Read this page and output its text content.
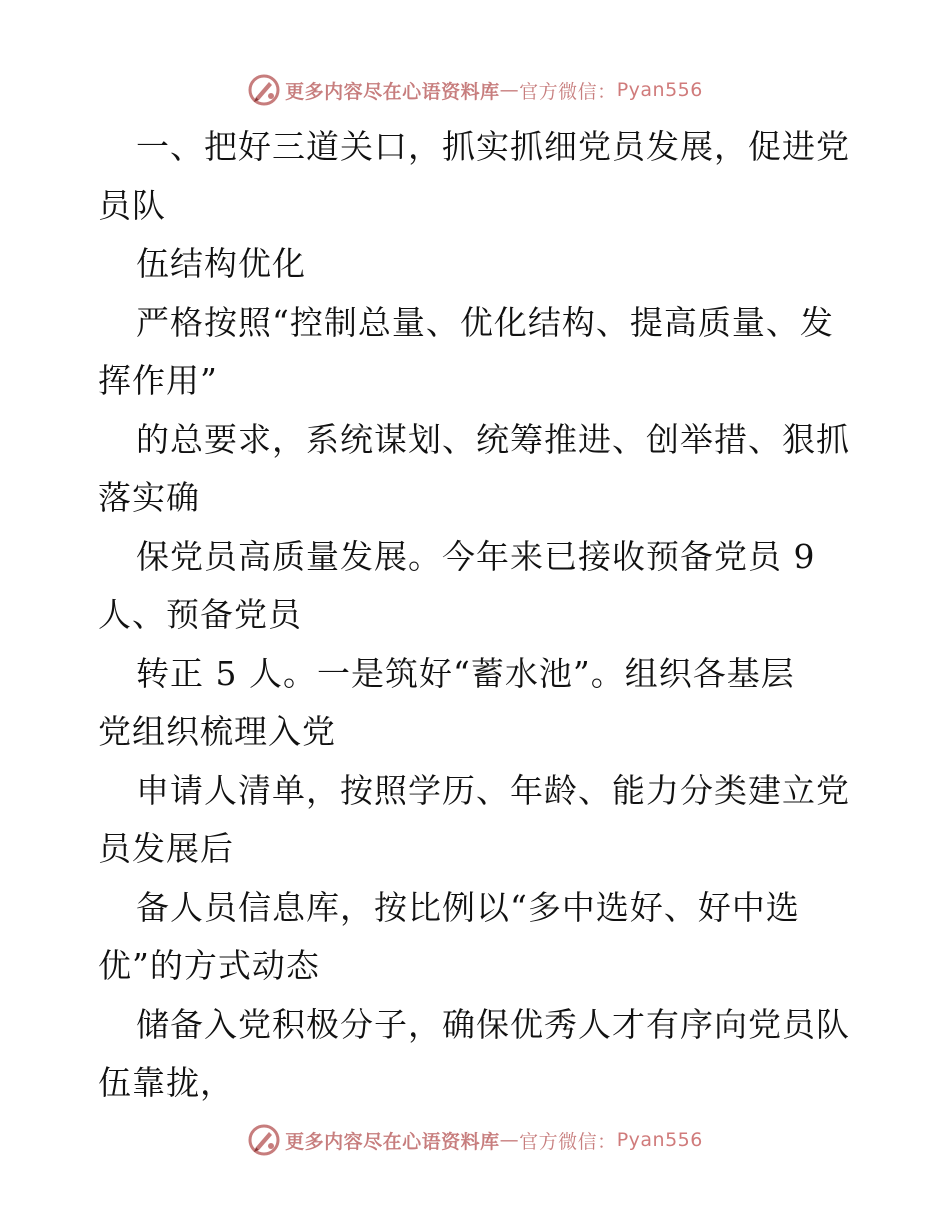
更多内容尽在心语资料库 — 官方微信： Pyan556
一、把好三道关口，抓实抓细党员发展，促进党
员队
伍结构优化
严格按照“控制总量、优化结构、提高质量、发
挥作用”
的总要求，系统谋划、统筹推进、创举措、狠抓
落实确
保党员高质量发展。今年来已接收预备党员 9
人、预备党员
转正 5 人。一是筑好“蓄水池”。组织各基层
党组织梳理入党
申请人清单，按照学历、年龄、能力分类建立党
员发展后
备人员信息库，按比例以“多中选好、好中选
优”的方式动态
储备入党积极分子，确保优秀人才有序向党员队
伍靠拢，
更多内容尽在心语资料库 — 官方微信： Pyan556
